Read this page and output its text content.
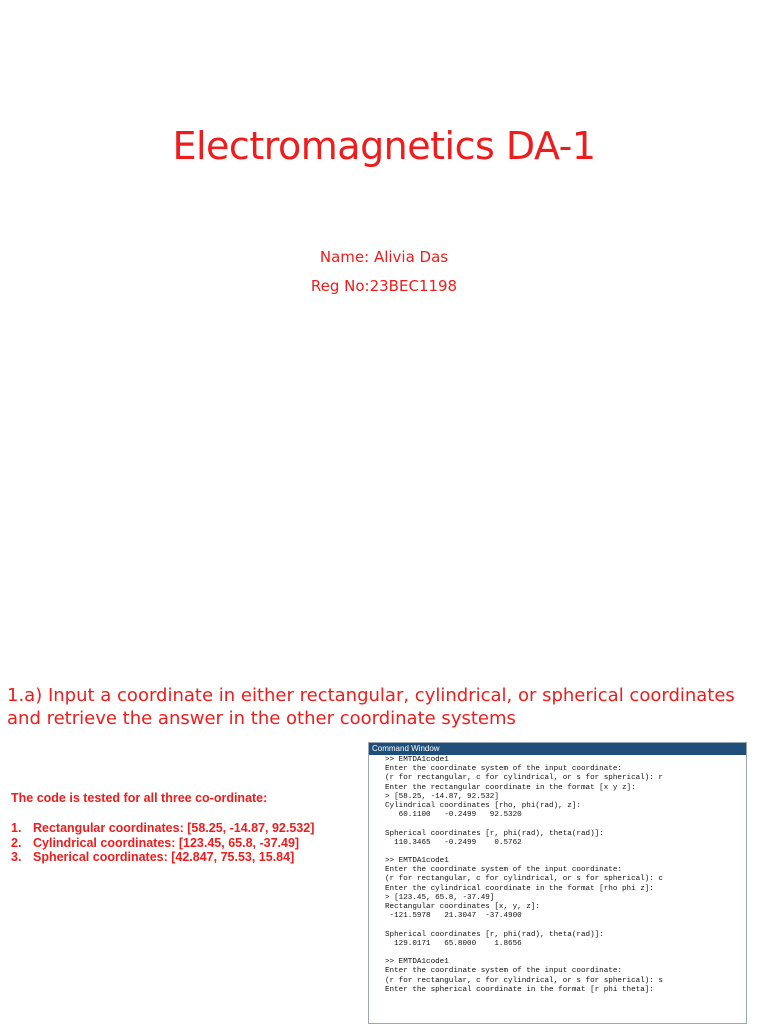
Electromagnetics DA-1
Name: Alivia Das
Reg No:23BEC1198
1.a) Input a coordinate in either rectangular, cylindrical, or spherical coordinates and retrieve the answer in the other coordinate systems
The code is tested for all three co-ordinate:
1. Rectangular coordinates: [58.25, -14.87, 92.532]
2. Cylindrical coordinates: [123.45, 65.8, -37.49]
3. Spherical coordinates: [42.847, 75.53, 15.84]
Command Window
>> EMTDA1code1
Enter the coordinate system of the input coordinate:
(r for rectangular, c for cylindrical, or s for spherical): r
Enter the rectangular coordinate in the format [x y z]:
> [58.25, -14.87, 92.532]
Cylindrical coordinates [rho, phi(rad), z]:
60.1100   -0.2499   92.5320
Spherical coordinates [r, phi(rad), theta(rad)]:
110.3465   -0.2499    0.5762
>> EMTDA1code1
Enter the coordinate system of the input coordinate:
(r for rectangular, c for cylindrical, or s for spherical): c
Enter the cylindrical coordinate in the format [rho phi z]:
> [123.45, 65.8, -37.49]
Rectangular coordinates [x, y, z]:
-121.5978   21.3047  -37.4900
Spherical coordinates [r, phi(rad), theta(rad)]:
129.0171   65.8000    1.8656
>> EMTDA1code1
Enter the coordinate system of the input coordinate:
(r for rectangular, c for cylindrical, or s for spherical): s
Enter the spherical coordinate in the format [r phi theta]:
